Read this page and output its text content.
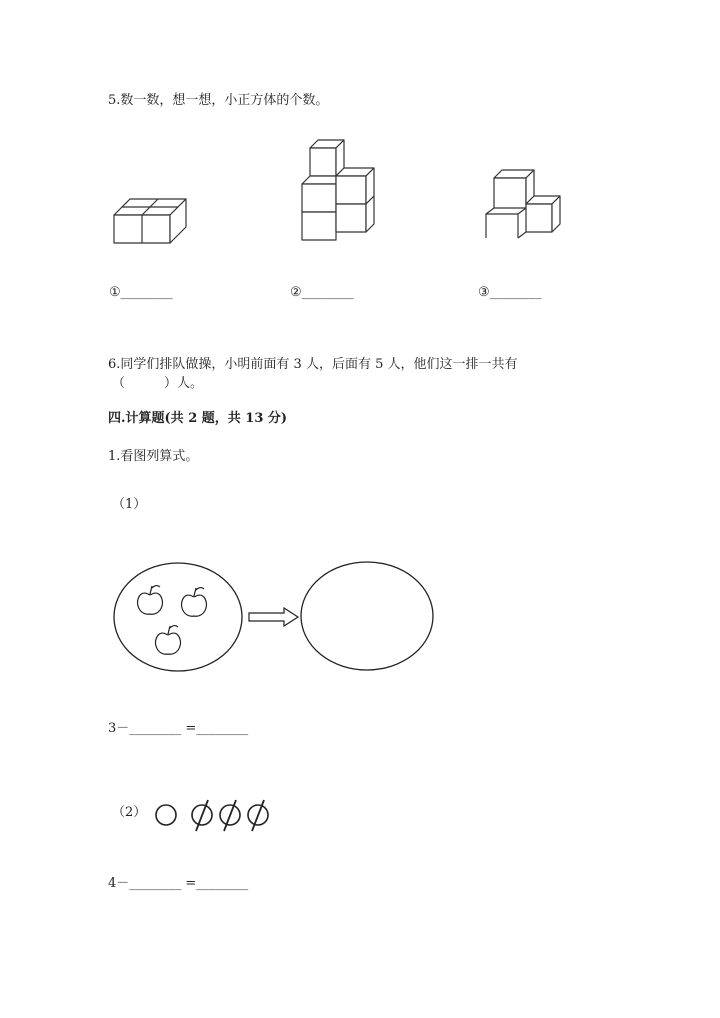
5.数一数，想一想，小正方体的个数。
①________	②________	③________
6.同学们排队做操，小明前面有 3 人，后面有 5 人，他们这一排一共有
（　　　）人。
四.计算题(共 2 题，共 13 分)
1.看图列算式。
（1）
3－________ =________
（2）
4－________ =________
